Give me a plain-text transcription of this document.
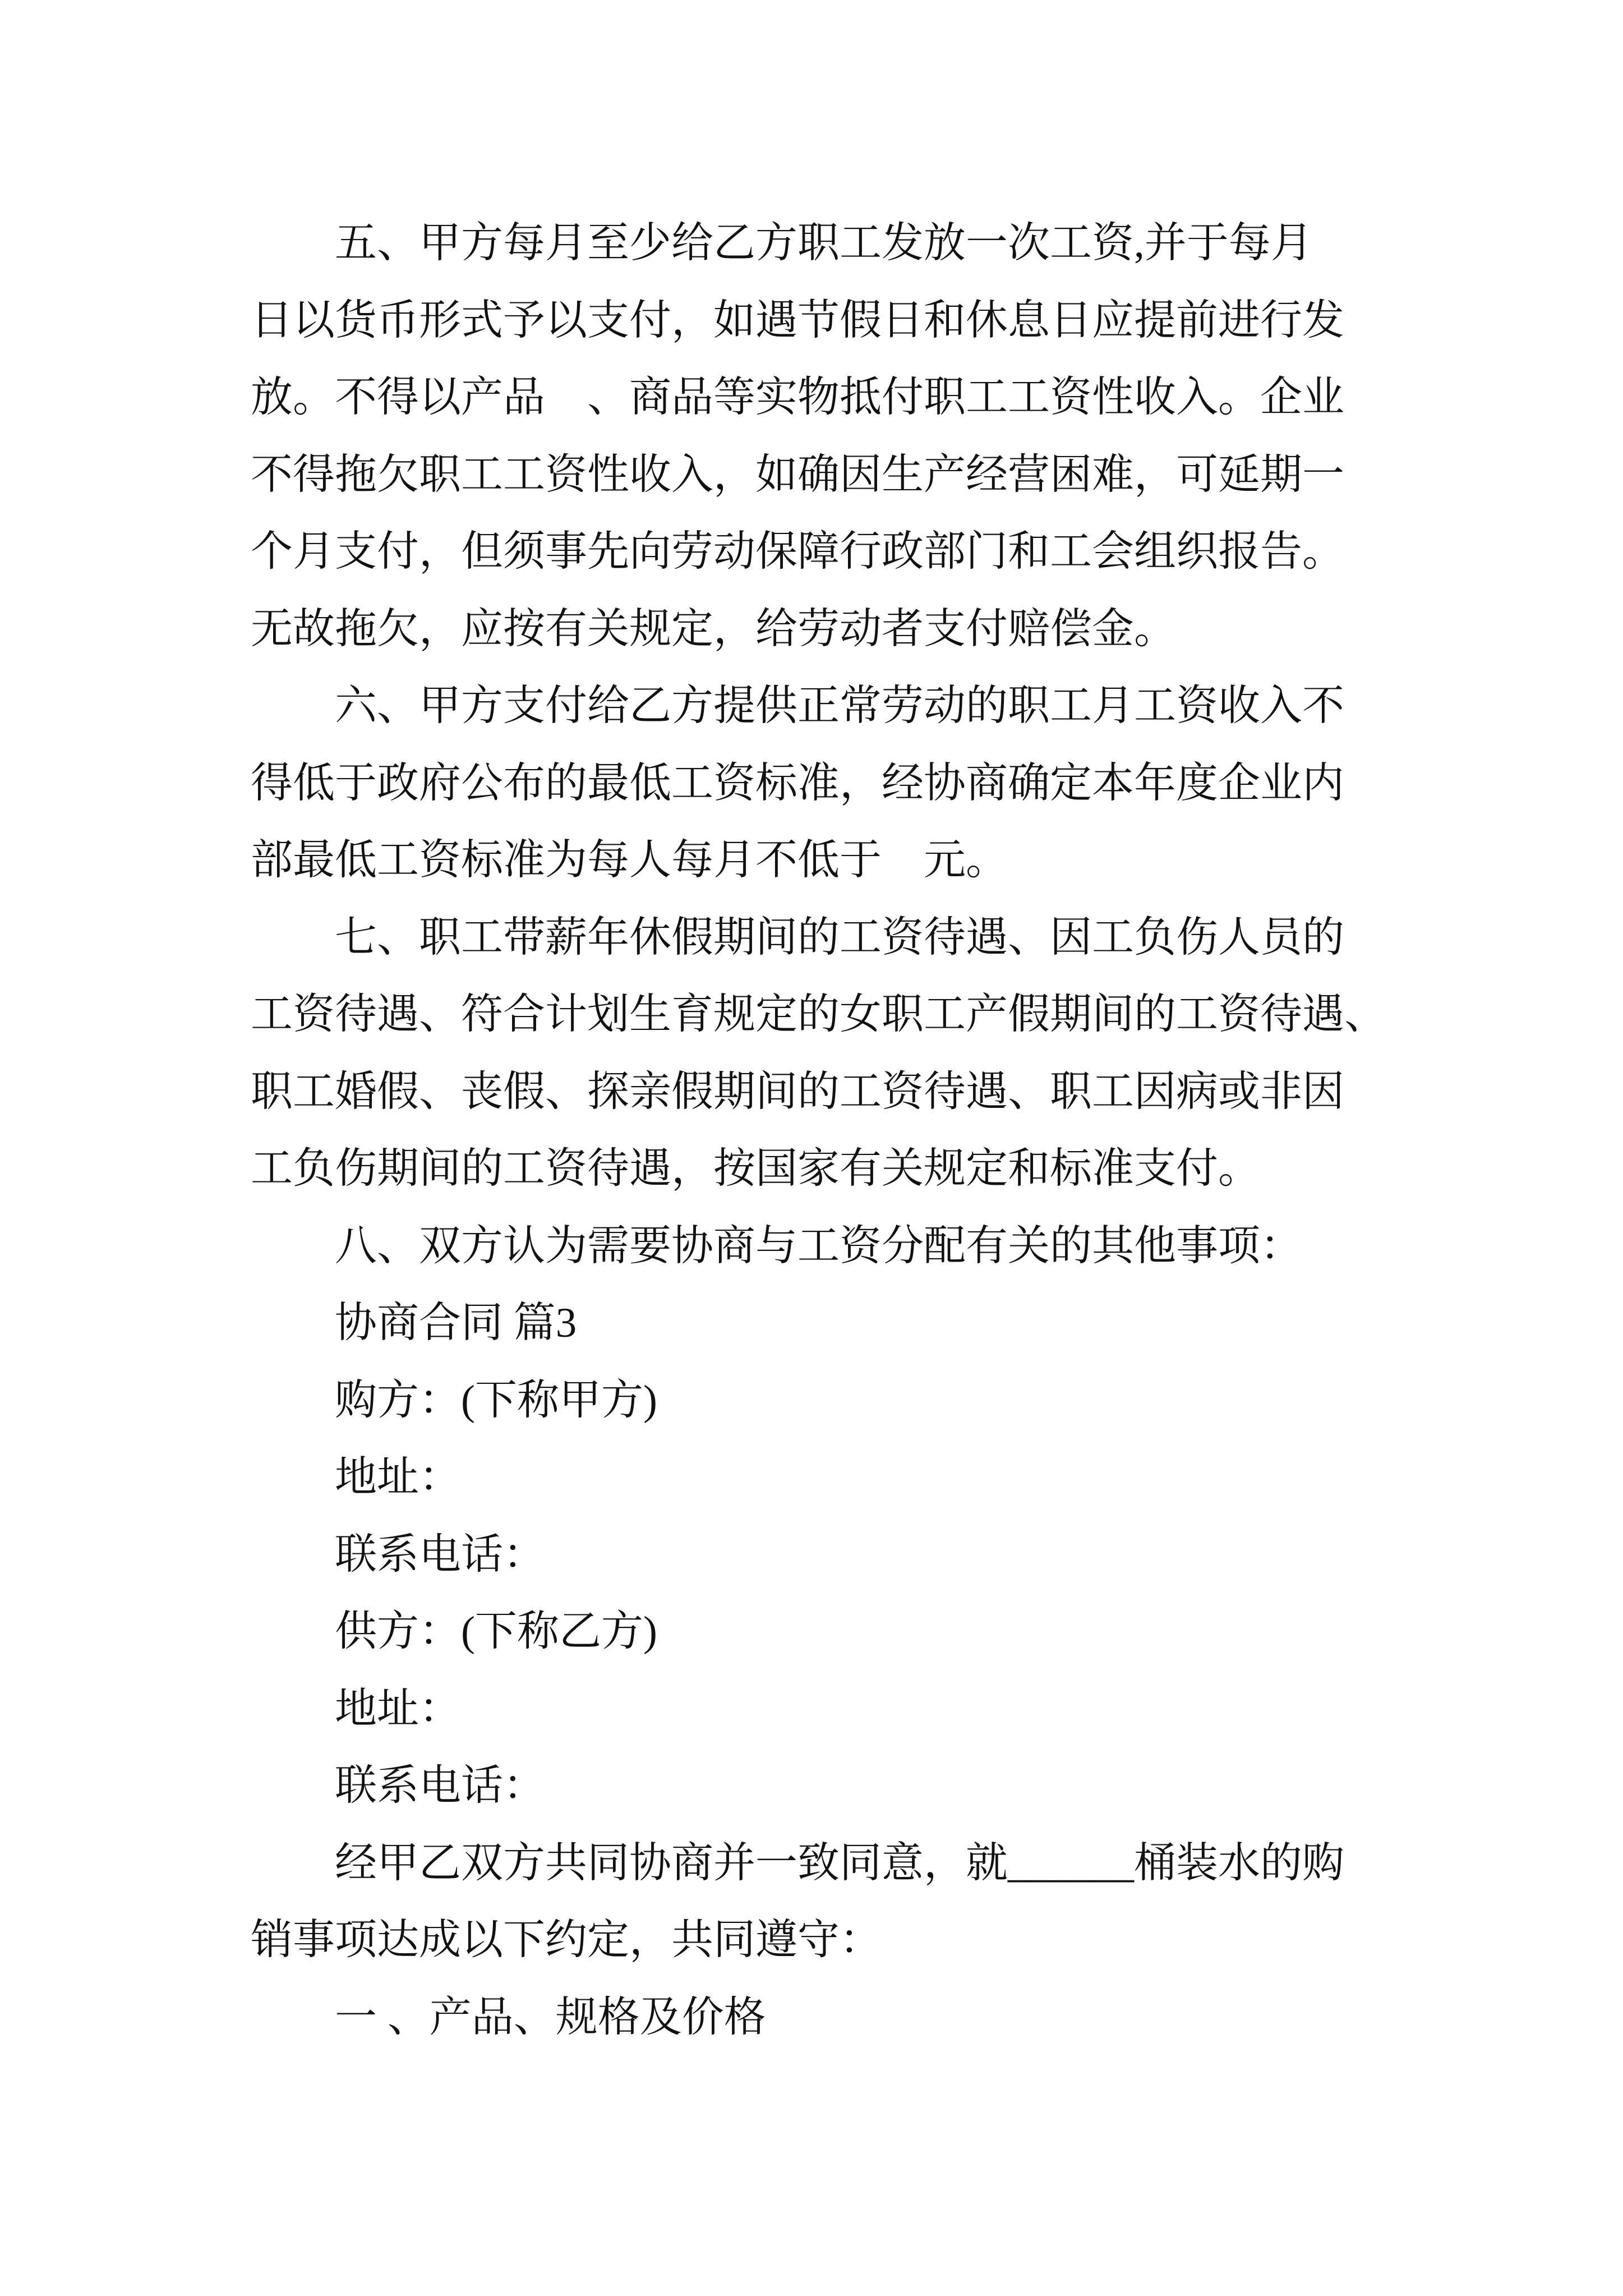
五、甲方每月至少给乙方职工发放一次工资,并于每月
日以货币形式予以支付，如遇节假日和休息日应提前进行发
放。不得以产品　、商品等实物抵付职工工资性收入。企业
不得拖欠职工工资性收入，如确因生产经营困难，可延期一
个月支付，但须事先向劳动保障行政部门和工会组织报告。
无故拖欠，应按有关规定，给劳动者支付赔偿金。
六、甲方支付给乙方提供正常劳动的职工月工资收入不
得低于政府公布的最低工资标准，经协商确定本年度企业内
部最低工资标准为每人每月不低于　元。
七、职工带薪年休假期间的工资待遇、因工负伤人员的
工资待遇、符合计划生育规定的女职工产假期间的工资待遇、
职工婚假、丧假、探亲假期间的工资待遇、职工因病或非因
工负伤期间的工资待遇，按国家有关规定和标准支付。
八、双方认为需要协商与工资分配有关的其他事项：
协商合同 篇3
购方：(下称甲方)
地址：
联系电话：
供方：(下称乙方)
地址：
联系电话：
经甲乙双方共同协商并一致同意，就______桶装水的购
销事项达成以下约定，共同遵守：
一 、产品、规格及价格
